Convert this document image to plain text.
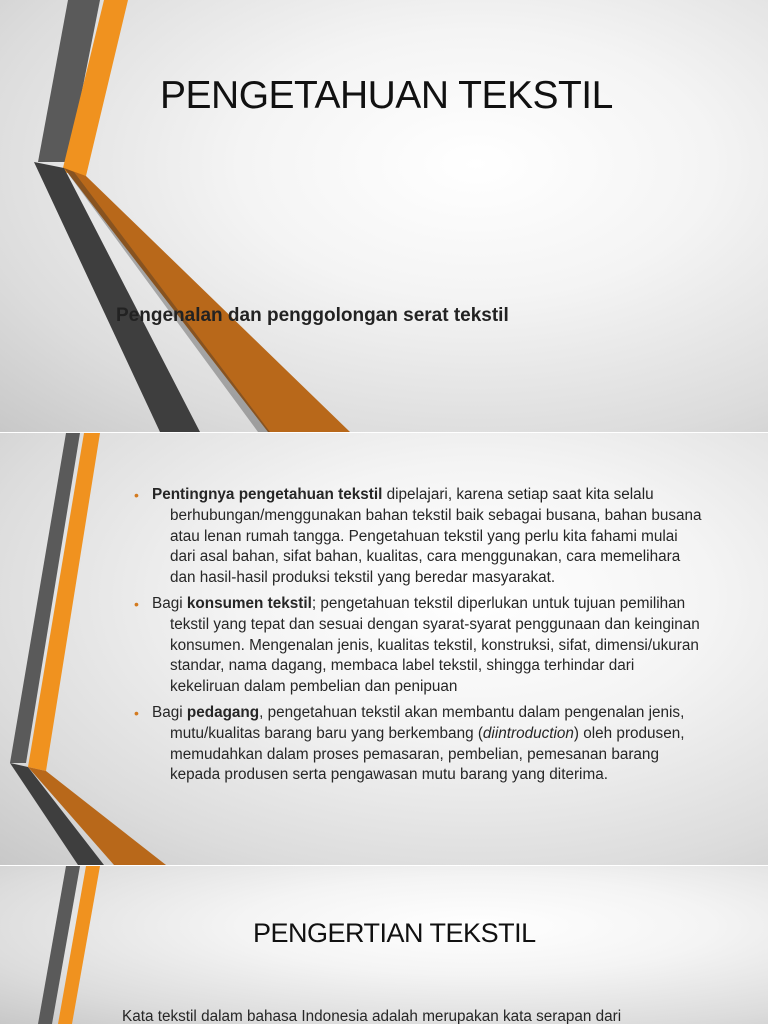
PENGETAHUAN TEKSTIL

Pengenalan dan penggolongan serat tekstil

• Pentingnya pengetahuan tekstil dipelajari, karena setiap saat kita selalu berhubungan/menggunakan bahan tekstil baik sebagai busana, bahan busana atau lenan rumah tangga. Pengetahuan tekstil yang perlu kita fahami mulai dari asal bahan, sifat bahan, kualitas, cara menggunakan, cara memelihara dan hasil-hasil produksi tekstil yang beredar masyarakat.
• Bagi konsumen tekstil; pengetahuan tekstil diperlukan untuk tujuan pemilihan tekstil yang tepat dan sesuai dengan syarat-syarat penggunaan dan keinginan konsumen. Mengenalan jenis, kualitas tekstil, konstruksi, sifat, dimensi/ukuran standar, nama dagang, membaca label tekstil, shingga terhindar dari kekeliruan dalam pembelian dan penipuan
• Bagi pedagang, pengetahuan tekstil akan membantu dalam pengenalan jenis, mutu/kualitas barang baru yang berkembang (diintroduction) oleh produsen, memudahkan dalam proses pemasaran, pembelian, pemesanan barang kepada produsen serta pengawasan mutu barang yang diterima.
PENGERTIAN TEKSTIL

Kata tekstil dalam bahasa Indonesia adalah merupakan kata serapan dari
